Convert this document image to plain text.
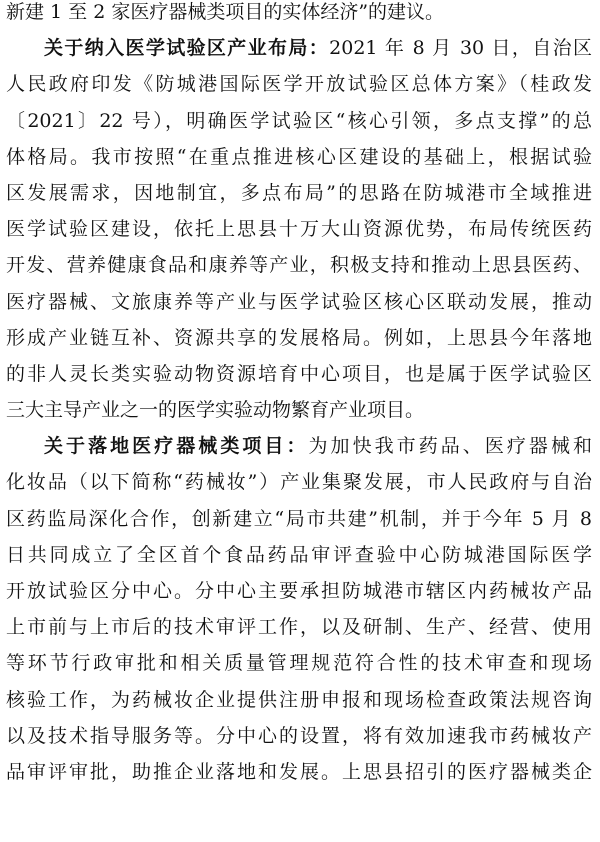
新建 1 至 2 家医疗器械类项目的实体经济”的建议。
关于纳入医学试验区产业布局：2021 年 8 月 30 日，自治区
人民政府印发《防城港国际医学开放试验区总体方案》（桂政发
〔2021〕22 号），明确医学试验区“核心引领，多点支撑”的总
体格局。我市按照“在重点推进核心区建设的基础上，根据试验
区发展需求，因地制宜，多点布局”的思路在防城港市全域推进
医学试验区建设，依托上思县十万大山资源优势，布局传统医药
开发、营养健康食品和康养等产业，积极支持和推动上思县医药、
医疗器械、文旅康养等产业与医学试验区核心区联动发展，推动
形成产业链互补、资源共享的发展格局。例如，上思县今年落地
的非人灵长类实验动物资源培育中心项目，也是属于医学试验区
三大主导产业之一的医学实验动物繁育产业项目。
关于落地医疗器械类项目：为加快我市药品、医疗器械和
化妆品（以下简称“药械妆”）产业集聚发展，市人民政府与自治
区药监局深化合作，创新建立“局市共建”机制，并于今年 5 月 8
日共同成立了全区首个食品药品审评查验中心防城港国际医学
开放试验区分中心。分中心主要承担防城港市辖区内药械妆产品
上市前与上市后的技术审评工作，以及研制、生产、经营、使用
等环节行政审批和相关质量管理规范符合性的技术审查和现场
核验工作，为药械妆企业提供注册申报和现场检查政策法规咨询
以及技术指导服务等。分中心的设置，将有效加速我市药械妆产
品审评审批，助推企业落地和发展。上思县招引的医疗器械类企
